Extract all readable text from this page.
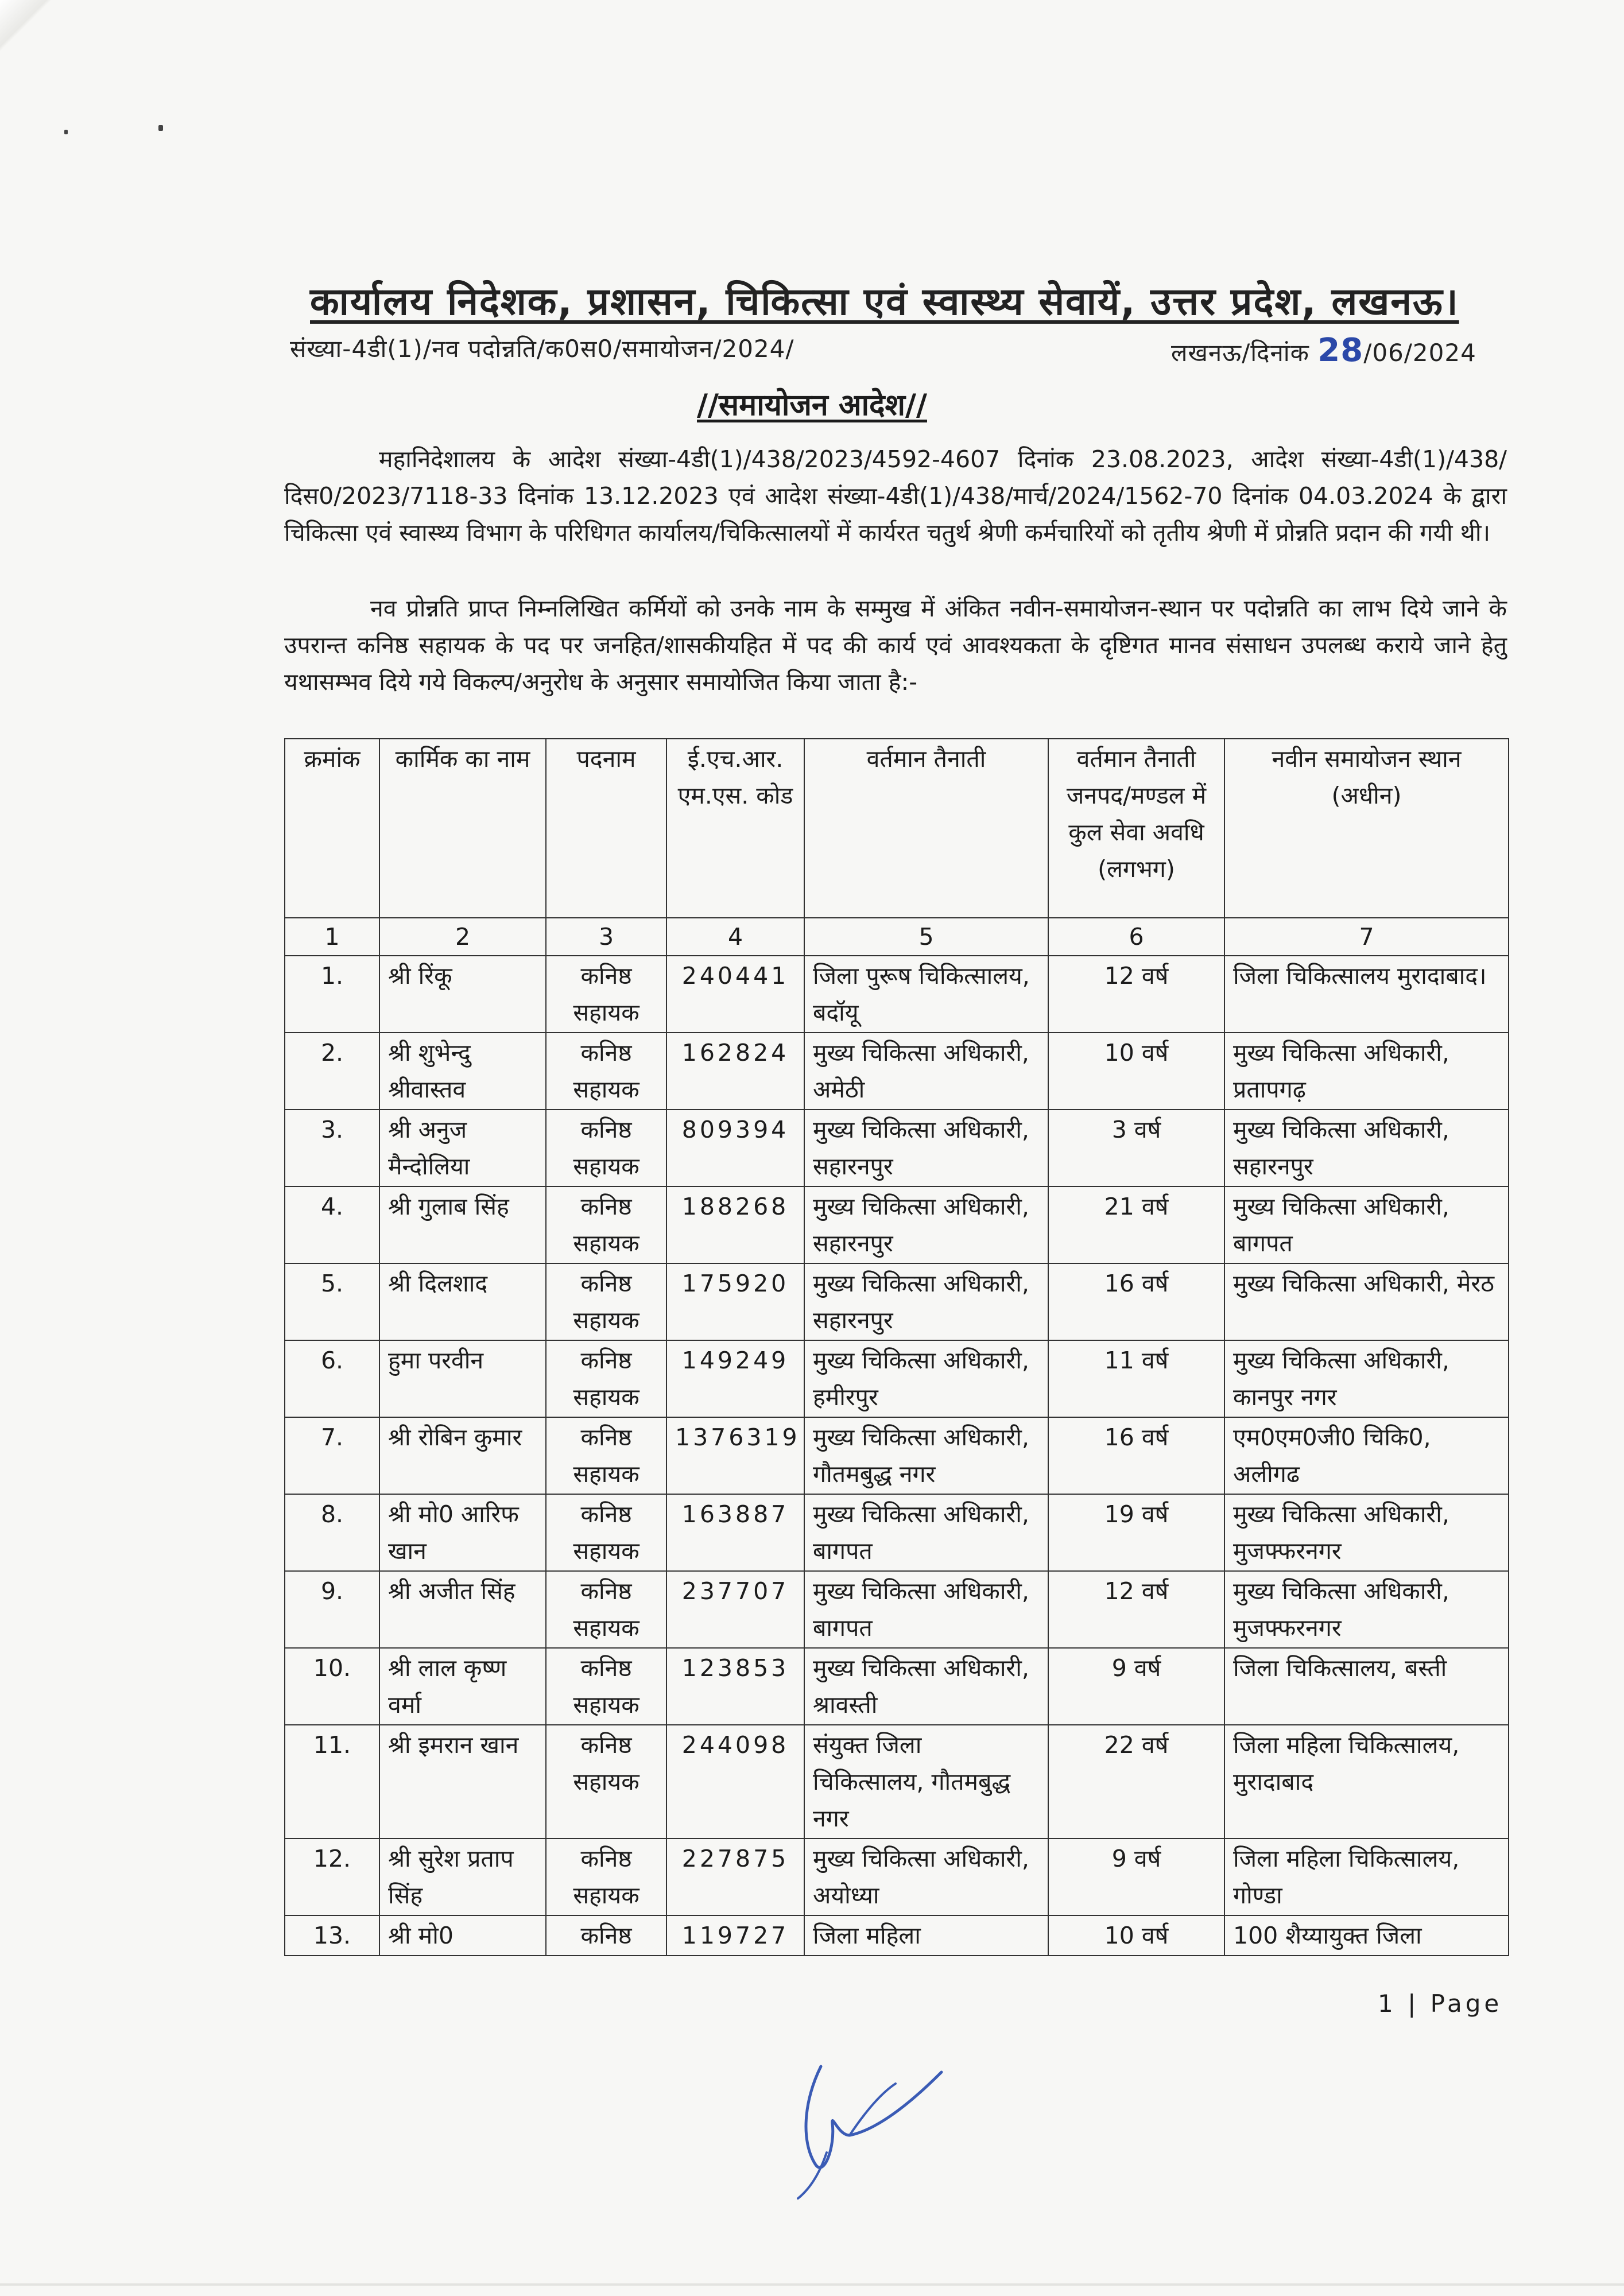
कार्यालय निदेशक, प्रशासन, चिकित्सा एवं स्वास्थ्य सेवायें, उत्तर प्रदेश, लखनऊ।
संख्या-4डी(1)/नव पदोन्नति/क0स0/समायोजन/2024/	लखनऊ/दिनांक 28/06/2024
//समायोजन आदेश//
महानिदेशालय के आदेश संख्या-4डी(1)/438/2023/4592-4607 दिनांक 23.08.2023, आदेश संख्या-4डी(1)/438/दिस0/2023/7118-33 दिनांक 13.12.2023 एवं आदेश संख्या-4डी(1)/438/मार्च/2024/1562-70 दिनांक 04.03.2024 के द्वारा चिकित्सा एवं स्वास्थ्य विभाग के परिधिगत कार्यालय/चिकित्सालयों में कार्यरत चतुर्थ श्रेणी कर्मचारियों को तृतीय श्रेणी में प्रोन्नति प्रदान की गयी थी।
नव प्रोन्नति प्राप्त निम्नलिखित कर्मियों को उनके नाम के सम्मुख में अंकित नवीन-समायोजन-स्थान पर पदोन्नति का लाभ दिये जाने के उपरान्त कनिष्ठ सहायक के पद पर जनहित/शासकीयहित में पद की कार्य एवं आवश्यकता के दृष्टिगत मानव संसाधन उपलब्ध कराये जाने हेतु यथासम्भव दिये गये विकल्प/अनुरोध के अनुसार समायोजित किया जाता है:-
क्रमांक	कार्मिक का नाम	पदनाम	ई.एच.आर. एम.एस. कोड	वर्तमान तैनाती	वर्तमान तैनाती जनपद/मण्डल में कुल सेवा अवधि (लगभग)	नवीन समायोजन स्थान (अधीन)
1	2	3	4	5	6	7
1.	श्री रिंकू	कनिष्ठ सहायक	240441	जिला पुरूष चिकित्सालय, बदॉयू	12 वर्ष	जिला चिकित्सालय मुरादाबाद।
2.	श्री शुभेन्दु श्रीवास्तव	कनिष्ठ सहायक	162824	मुख्य चिकित्सा अधिकारी, अमेठी	10 वर्ष	मुख्य चिकित्सा अधिकारी, प्रतापगढ़
3.	श्री अनुज मैन्दोलिया	कनिष्ठ सहायक	809394	मुख्य चिकित्सा अधिकारी, सहारनपुर	3 वर्ष	मुख्य चिकित्सा अधिकारी, सहारनपुर
4.	श्री गुलाब सिंह	कनिष्ठ सहायक	188268	मुख्य चिकित्सा अधिकारी, सहारनपुर	21 वर्ष	मुख्य चिकित्सा अधिकारी, बागपत
5.	श्री दिलशाद	कनिष्ठ सहायक	175920	मुख्य चिकित्सा अधिकारी, सहारनपुर	16 वर्ष	मुख्य चिकित्सा अधिकारी, मेरठ
6.	हुमा परवीन	कनिष्ठ सहायक	149249	मुख्य चिकित्सा अधिकारी, हमीरपुर	11 वर्ष	मुख्य चिकित्सा अधिकारी, कानपुर नगर
7.	श्री रोबिन कुमार	कनिष्ठ सहायक	1376319	मुख्य चिकित्सा अधिकारी, गौतमबुद्ध नगर	16 वर्ष	एम0एम0जी0 चिकि0, अलीगढ
8.	श्री मो0 आरिफ खान	कनिष्ठ सहायक	163887	मुख्य चिकित्सा अधिकारी, बागपत	19 वर्ष	मुख्य चिकित्सा अधिकारी, मुजफ्फरनगर
9.	श्री अजीत सिंह	कनिष्ठ सहायक	237707	मुख्य चिकित्सा अधिकारी, बागपत	12 वर्ष	मुख्य चिकित्सा अधिकारी, मुजफ्फरनगर
10.	श्री लाल कृष्ण वर्मा	कनिष्ठ सहायक	123853	मुख्य चिकित्सा अधिकारी, श्रावस्ती	9 वर्ष	जिला चिकित्सालय, बस्ती
11.	श्री इमरान खान	कनिष्ठ सहायक	244098	संयुक्त जिला चिकित्सालय, गौतमबुद्ध नगर	22 वर्ष	जिला महिला चिकित्सालय, मुरादाबाद
12.	श्री सुरेश प्रताप सिंह	कनिष्ठ सहायक	227875	मुख्य चिकित्सा अधिकारी, अयोध्या	9 वर्ष	जिला महिला चिकित्सालय, गोण्डा
13.	श्री मो0	कनिष्ठ	119727	जिला महिला	10 वर्ष	100 शैय्यायुक्त जिला
1 | Page
